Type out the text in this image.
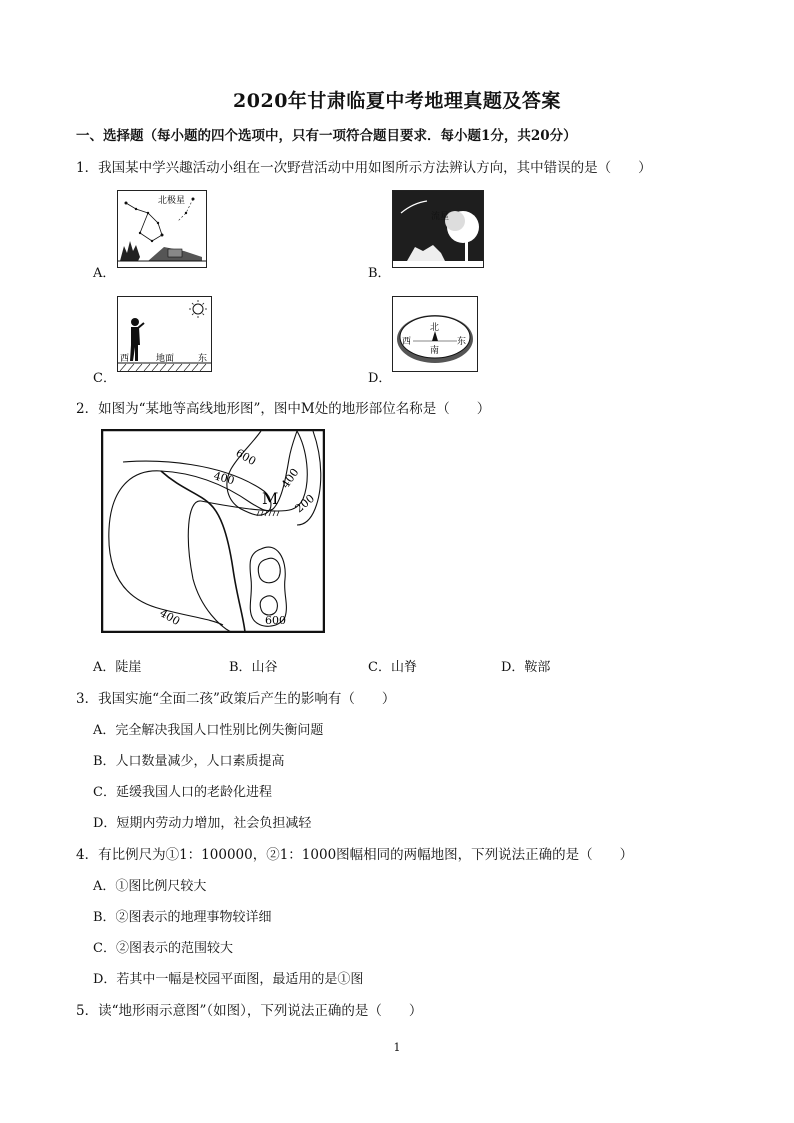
2020年甘肃临夏中考地理真题及答案
一、选择题（每小题的四个选项中，只有一项符合题目要求．每小题1分，共20分）
1．我国某中学兴趣活动小组在一次野营活动中用如图所示方法辨认方向，其中错误的是（　　）
北极星
A．
流星
B．
西	地面	东
C．
北
南
西	东
D．
2．如图为“某地等高线地形图”，图中M处的地形部位名称是（　　）
600
400	400
200
400	600
M
A．陡崖	B．山谷	C．山脊	D．鞍部
3．我国实施“全面二孩”政策后产生的影响有（　　）
A．完全解决我国人口性别比例失衡问题
B．人口数量减少，人口素质提高
C．延缓我国人口的老龄化进程
D．短期内劳动力增加，社会负担减轻
4．有比例尺为①1：100000，②1：1000图幅相同的两幅地图，下列说法正确的是（　　）
A．①图比例尺较大
B．②图表示的地理事物较详细
C．②图表示的范围较大
D．若其中一幅是校园平面图，最适用的是①图
5．读“地形雨示意图”（如图），下列说法正确的是（　　）
1
